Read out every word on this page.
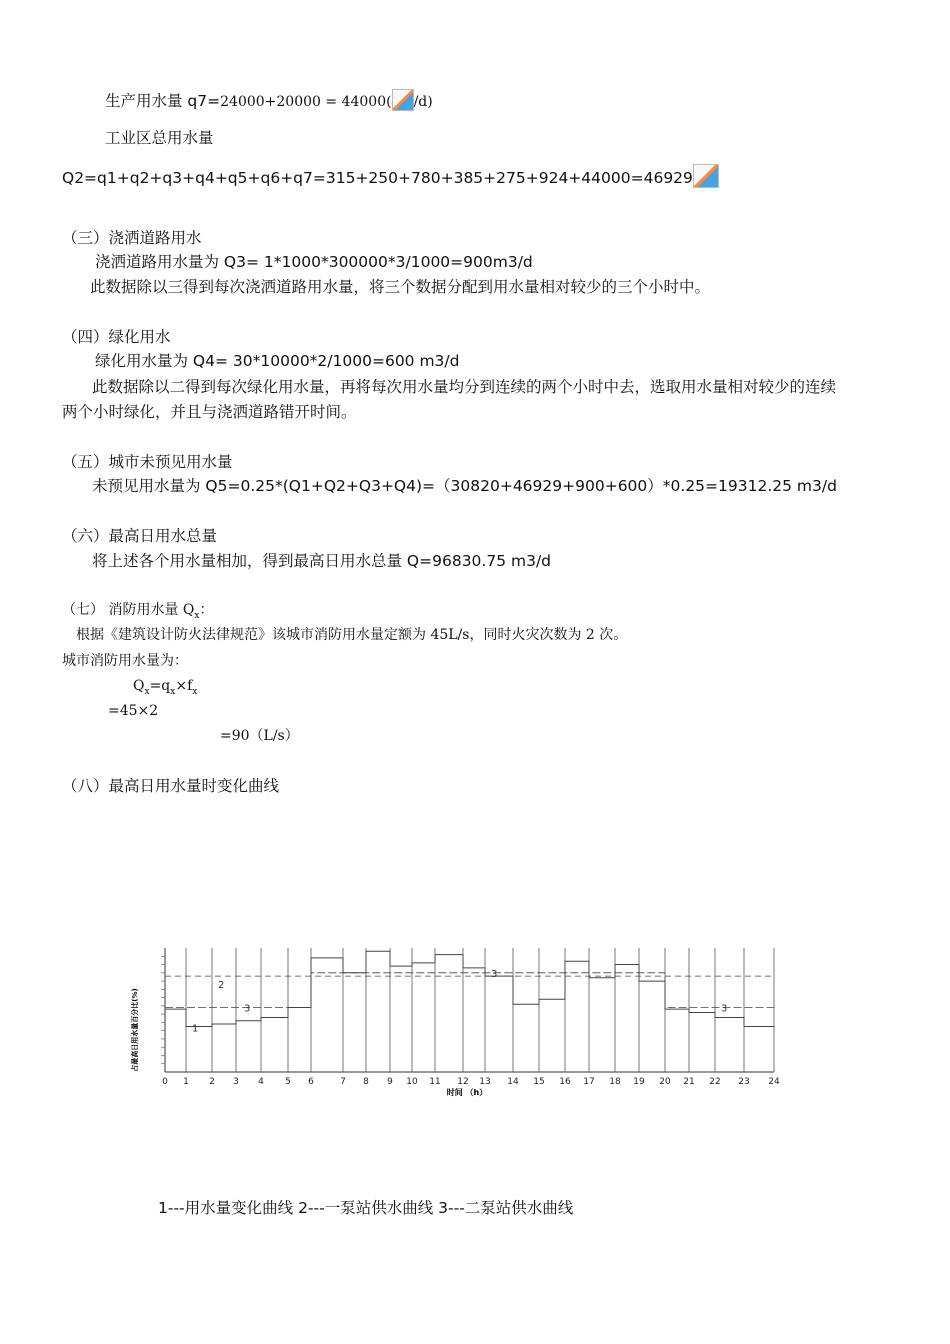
生产用水量 q7=24000+20000 = 44000( /d)
工业区总用水量
Q2=q1+q2+q3+q4+q5+q6+q7=315+250+780+385+275+924+44000=46929
（三）浇洒道路用水
浇洒道路用水量为 Q3= 1*1000*300000*3/1000=900m3/d
此数据除以三得到每次浇洒道路用水量，将三个数据分配到用水量相对较少的三个小时中。
（四）绿化用水
绿化用水量为 Q4= 30*10000*2/1000=600 m3/d
此数据除以二得到每次绿化用水量，再将每次用水量均分到连续的两个小时中去，选取用水量相对较少的连续
两个小时绿化，并且与浇洒道路错开时间。
（五）城市未预见用水量
未预见用水量为 Q5=0.25*(Q1+Q2+Q3+Q4)=（30820+46929+900+600）*0.25=19312.25 m3/d
（六）最高日用水总量
将上述各个用水量相加，得到最高日用水总量 Q=96830.75 m3/d
（七） 消防用水量 $Q_x$：
根据《建筑设计防火法律规范》该城市消防用水量定额为 45L/s，同时火灾次数为 2 次。
城市消防用水量为：
$Q_x=q_x\times f_x$
=45×2
=90（L/s）
（八）最高日用水量时变化曲线
占最高日用水量百分比(%)	1
2
3
3
3
0 1 2 3 4 5 6	7 8 9 10 11 12 13 14 15 16 17 18 19 20 21 22 23 24
时间 （h）
1---用水量变化曲线 2---一泵站供水曲线 3---二泵站供水曲线
